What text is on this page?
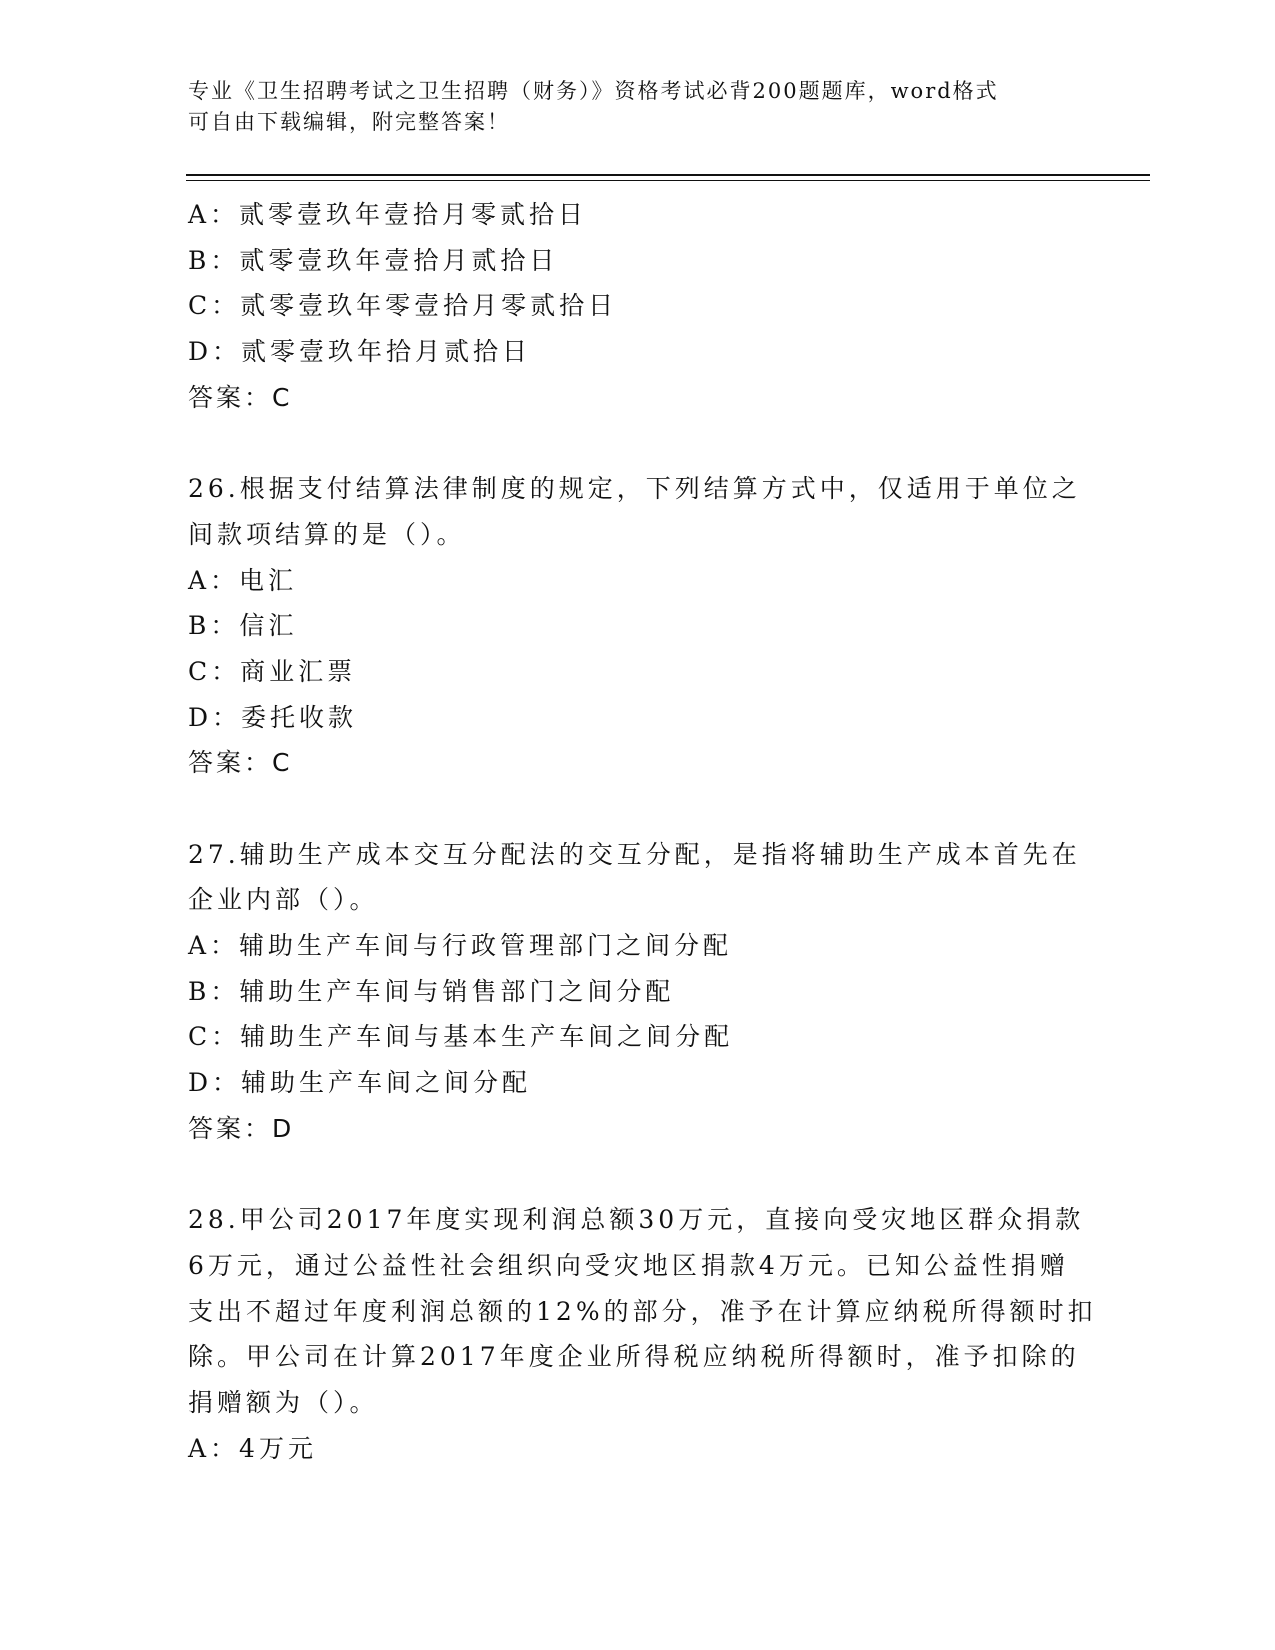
专业《卫生招聘考试之卫生招聘（财务）》资格考试必背200题题库，word格式
可自由下载编辑，附完整答案！
A：贰零壹玖年壹拾月零贰拾日
B：贰零壹玖年壹拾月贰拾日
C：贰零壹玖年零壹拾月零贰拾日
D：贰零壹玖年拾月贰拾日
答案：C
26.根据支付结算法律制度的规定，下列结算方式中，仅适用于单位之
间款项结算的是（）。
A：电汇
B：信汇
C：商业汇票
D：委托收款
答案：C
27.辅助生产成本交互分配法的交互分配，是指将辅助生产成本首先在
企业内部（）。
A：辅助生产车间与行政管理部门之间分配
B：辅助生产车间与销售部门之间分配
C：辅助生产车间与基本生产车间之间分配
D：辅助生产车间之间分配
答案：D
28.甲公司2017年度实现利润总额30万元，直接向受灾地区群众捐款
6万元，通过公益性社会组织向受灾地区捐款4万元。已知公益性捐赠
支出不超过年度利润总额的12%的部分，准予在计算应纳税所得额时扣
除。甲公司在计算2017年度企业所得税应纳税所得额时，准予扣除的
捐赠额为（）。
A：4万元
